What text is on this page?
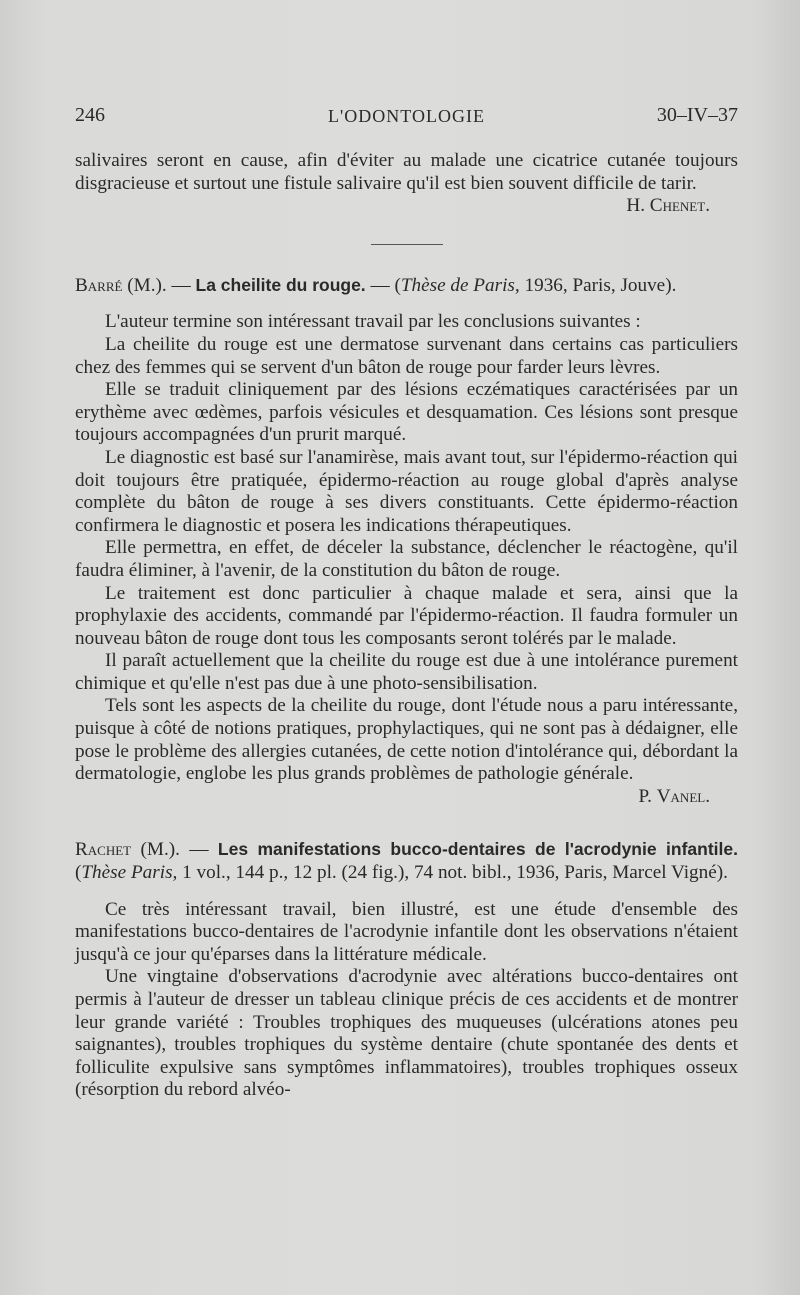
246	L'ODONTOLOGIE	30–IV–37

salivaires seront en cause, afin d'éviter au malade une cicatrice cutanée toujours disgracieuse et surtout une fistule salivaire qu'il est bien souvent difficile de tarir.

H. Chenet.

Barré (M.). — La cheilite du rouge. — (Thèse de Paris, 1936, Paris, Jouve).

L'auteur termine son intéressant travail par les conclusions suivantes :

La cheilite du rouge est une dermatose survenant dans certains cas particuliers chez des femmes qui se servent d'un bâton de rouge pour farder leurs lèvres.

Elle se traduit cliniquement par des lésions eczématiques caractérisées par un erythème avec œdèmes, parfois vésicules et desquamation. Ces lésions sont presque toujours accompagnées d'un prurit marqué.

Le diagnostic est basé sur l'anamirèse, mais avant tout, sur l'épidermo-réaction qui doit toujours être pratiquée, épidermo-réaction au rouge global d'après analyse complète du bâton de rouge à ses divers constituants. Cette épidermo-réaction confirmera le diagnostic et posera les indications thérapeutiques.

Elle permettra, en effet, de déceler la substance, déclencher le réactogène, qu'il faudra éliminer, à l'avenir, de la constitution du bâton de rouge.

Le traitement est donc particulier à chaque malade et sera, ainsi que la prophylaxie des accidents, commandé par l'épidermo-réaction. Il faudra formuler un nouveau bâton de rouge dont tous les composants seront tolérés par le malade.

Il paraît actuellement que la cheilite du rouge est due à une intolérance purement chimique et qu'elle n'est pas due à une photo-sensibilisation.

Tels sont les aspects de la cheilite du rouge, dont l'étude nous a paru intéressante, puisque à côté de notions pratiques, prophylactiques, qui ne sont pas à dédaigner, elle pose le problème des allergies cutanées, de cette notion d'intolérance qui, débordant la dermatologie, englobe les plus grands problèmes de pathologie générale.

P. Vanel.

Rachet (M.). — Les manifestations bucco-dentaires de l'acrodynie infantile. (Thèse Paris, 1 vol., 144 p., 12 pl. (24 fig.), 74 not. bibl., 1936, Paris, Marcel Vigné).

Ce très intéressant travail, bien illustré, est une étude d'ensemble des manifestations bucco-dentaires de l'acrodynie infantile dont les observations n'étaient jusqu'à ce jour qu'éparses dans la littérature médicale.

Une vingtaine d'observations d'acrodynie avec altérations bucco-dentaires ont permis à l'auteur de dresser un tableau clinique précis de ces accidents et de montrer leur grande variété : Troubles trophiques des muqueuses (ulcérations atones peu saignantes), troubles trophiques du système dentaire (chute spontanée des dents et folliculite expulsive sans symptômes inflammatoires), troubles trophiques osseux (résorption du rebord alvéo-
